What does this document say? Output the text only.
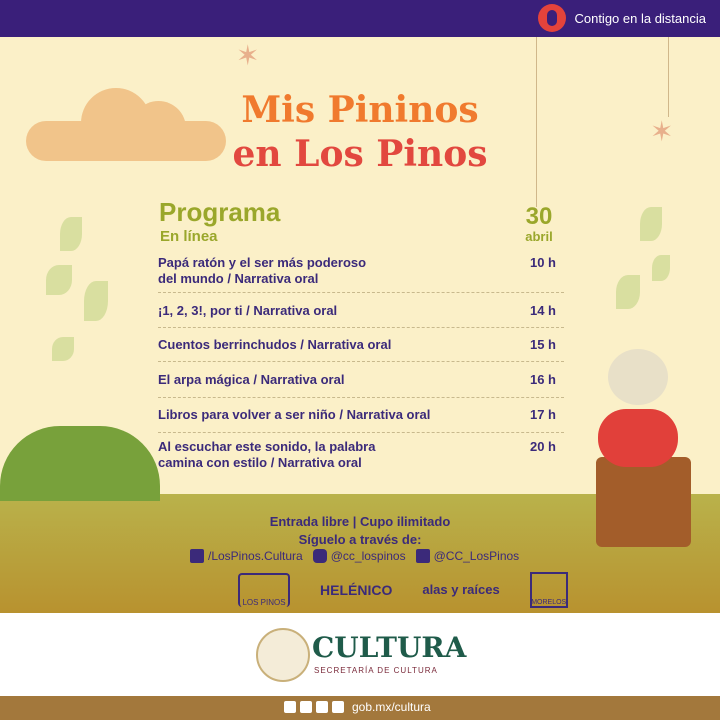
Contigo en la distancia
✶
✶
Mis Pininos
en Los Pinos
Programa
En línea
30
abril
Papá ratón y el ser más poderoso
del mundo / Narrativa oral
10 h
¡1, 2, 3!, por ti / Narrativa oral	14 h
Cuentos berrinchudos / Narrativa oral	15 h
El arpa mágica / Narrativa oral	16 h
Libros para volver a ser niño / Narrativa oral	17 h
Al escuchar este sonido, la palabra
camina con estilo / Narrativa oral
20 h
Entrada libre | Cupo ilimitado
Síguelo a través de:
/LosPinos.Cultura @cc_lospinos @CC_LosPinos
LOS PINOS
HELÉNICO alas y raíces
MORELOS
CULTURA
SECRETARÍA DE CULTURA
gob.mx/cultura
